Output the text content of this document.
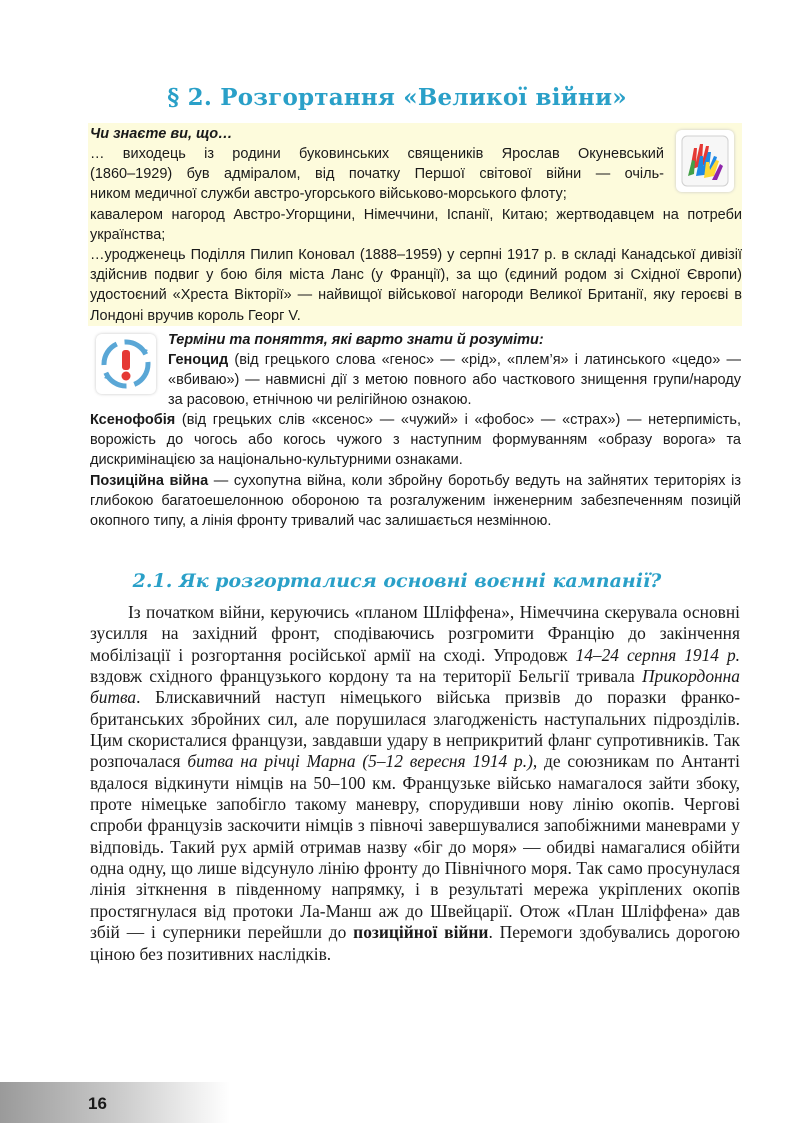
§ 2. Розгортання «Великої війни»
Чи знаєте ви, що…

… виходець із родини буковинських священиків Ярослав Окуневський
(1860–1929) був адміралом, від початку Першої світової війни — очіль-
ником медичної служби австро-угорського військово-морського флоту;
кавалером нагород Австро-Угорщини, Німеччини, Іспанії, Китаю; жертводавцем на потреби українства;

…уродженець Поділля Пилип Коновал (1888–1959) у серпні 1917 р. в складі Канадської дивізії здійснив подвиг у бою біля міста Ланс (у Франції), за що (єдиний родом зі Східної Європи) удостоєний «Хреста Вікторії» — найвищої військової нагороди Великої Британії, яку героєві в Лондоні вручив король Георг V.

Терміни та поняття, які варто знати й розуміти:

Геноцид (від грецького слова «генос» — «рід», «плем’я» і латинського «цедо» — «вбиваю») — навмисні дії з метою повного або часткового знищення групи/народу за расовою, етнічною чи релігійною ознакою.

Ксенофобія (від грецьких слів «ксенос» — «чужий» і «фобос» — «страх») — нетерпимість, ворожість до чогось або когось чужого з наступним формуванням «образу ворога» та дискримінацією за національно-культурними ознаками.
Позиційна війна — сухопутна війна, коли збройну боротьбу ведуть на зайнятих територіях із глибокою багатоешелонною обороною та розгалуженим інженерним забезпеченням позицій окопного типу, а лінія фронту тривалий час залишається незмінною.

2.1. Як розгорталися основні воєнні кампанії?

Із початком війни, керуючись «планом Шліффена», Німеччина скерувала основні зусилля на західний фронт, сподіваючись розгромити Францію до закінчення мобілізації і розгортання російської армії на сході. Упродовж 14–24 серпня 1914 р. вздовж східного французького кордону та на території Бельгії тривала Прикордонна битва. Блискавичний наступ німецького війська призвів до поразки франко-британських збройних сил, але порушилася злагодженість наступальних підрозділів. Цим скористалися французи, завдавши удару в неприкритий фланг супротивників. Так розпочалася битва на річці Марна (5–12 вересня 1914 р.), де союзникам по Антанті вдалося відкинути німців на 50–100 км. Французьке військо намагалося зайти збоку, проте німецьке запобігло такому маневру, спорудивши нову лінію окопів. Чергові спроби французів заскочити німців з півночі завершувалися запобіжними маневрами у відповідь. Такий рух армій отримав назву «біг до моря» — обидві намагалися обійти одна одну, що лише відсунуло лінію фронту до Північного моря. Так само просунулася лінія зіткнення в південному напрямку, і в результаті мережа укріплених окопів простягнулася від протоки Ла-Манш аж до Швейцарії. Отож «План Шліффена» дав збій — і суперники перейшли до позиційної війни. Перемоги здобувались дорогою ціною без позитивних наслідків.

16
